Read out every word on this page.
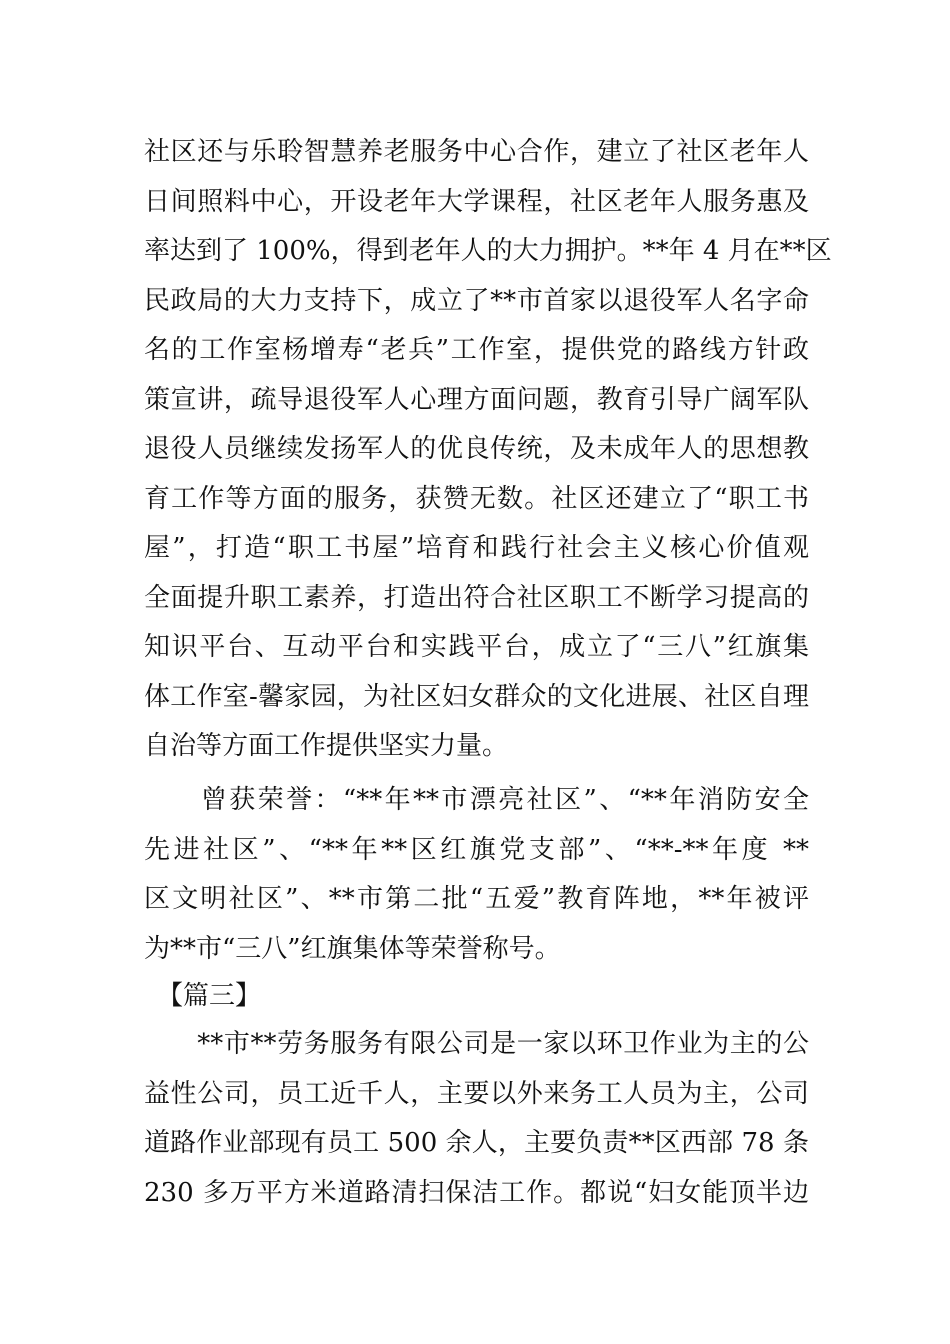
社区还与乐聆智慧养老服务中心合作，建立了社区老年人
日间照料中心，开设老年大学课程，社区老年人服务惠及
率达到了 100%，得到老年人的大力拥护。**年 4 月在**区
民政局的大力支持下，成立了**市首家以退役军人名字命
名的工作室杨增寿“老兵”工作室，提供党的路线方针政
策宣讲，疏导退役军人心理方面问题，教育引导广阔军队
退役人员继续发扬军人的优良传统，及未成年人的思想教
育工作等方面的服务，获赞无数。社区还建立了“职工书
屋”，打造“职工书屋”培育和践行社会主义核心价值观
全面提升职工素养，打造出符合社区职工不断学习提高的
知识平台、互动平台和实践平台，成立了“三八”红旗集
体工作室-馨家园，为社区妇女群众的文化进展、社区自理
自治等方面工作提供坚实力量。
　　曾获荣誉：“**年**市漂亮社区”、“**年消防安全
先进社区”、“**年**区红旗党支部”、“**-**年度 **
区文明社区”、**市第二批“五爱”教育阵地，**年被评
为**市“三八”红旗集体等荣誉称号。
　【篇三】
　　**市**劳务服务有限公司是一家以环卫作业为主的公
益性公司，员工近千人，主要以外来务工人员为主，公司
道路作业部现有员工 500 余人，主要负责**区西部 78 条
230 多万平方米道路清扫保洁工作。都说“妇女能顶半边
